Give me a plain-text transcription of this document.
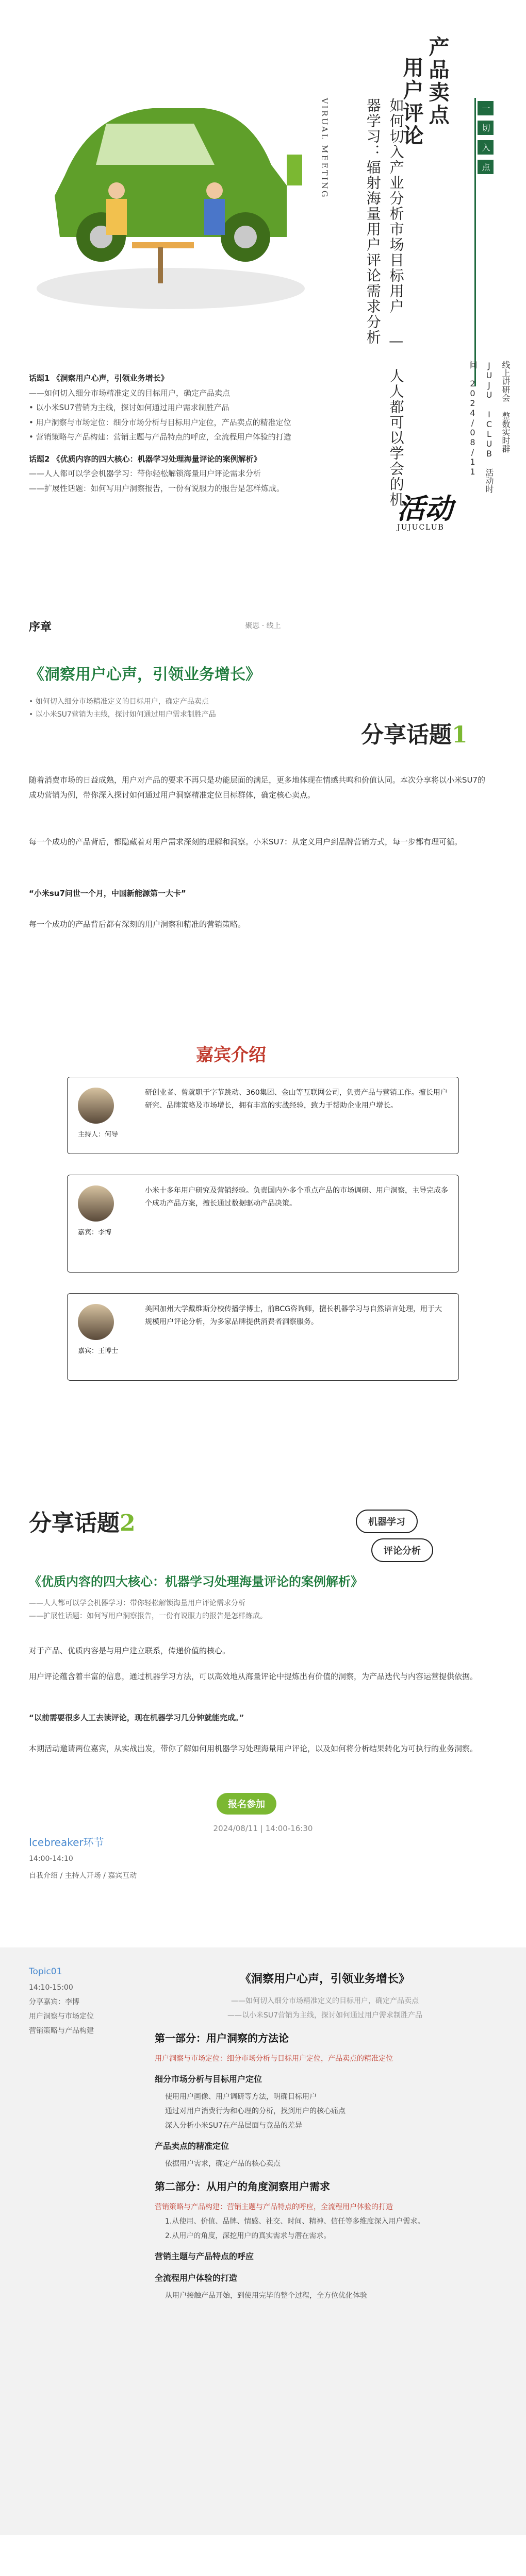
产品卖点
用户评论
如何切入产业分析市场目标用户 — 人人都可以学会的机器学习：辐射海量用户评论需求分析
VIRUAL MEETING	一
切
入
点
线上讲研会 整数实时群 JUJU ICLUB 活动时间 2024/08/11
话题1 《洞察用户心声，引领业务增长》
——如何切入细分市场精准定义的目标用户，确定产品卖点
• 以小米SU7营销为主线，探讨如何通过用户需求制胜产品
• 用户洞察与市场定位：细分市场分析与目标用户定位，产品卖点的精准定位
• 营销策略与产品构建：营销主题与产品特点的呼应，全流程用户体验的打造
话题2 《优质内容的四大核心：机器学习处理海量评论的案例解析》
——人人都可以学会机器学习：带你轻松解锁海量用户评论需求分析
——扩展性话题：如何写用户洞察报告，一份有说服力的报告是怎样炼成。
活动
JUJUCLUB
序章	聚思 · 线上
《洞察用户心声，引领业务增长》
分享话题1
• 如何切入细分市场精准定义的目标用户，确定产品卖点
• 以小米SU7营销为主线，探讨如何通过用户需求制胜产品
随着消费市场的日益成熟，用户对产品的要求不再只是功能层面的满足，更多地体现在情感共鸣和价值认同。本次分享将以小米SU7的成功营销为例，带你深入探讨如何通过用户洞察精准定位目标群体，确定核心卖点。
每一个成功的产品背后，都隐藏着对用户需求深刻的理解和洞察。小米SU7：从定义用户到品牌营销方式，每一步都有理可循。
“小米su7问世一个月，中国新能源第一大卡”
每一个成功的产品背后都有深刻的用户洞察和精准的营销策略。
嘉宾介绍
主持人：何导
研创业者、曾就职于字节跳动、360集团、金山等互联网公司，负责产品与营销工作。擅长用户研究、品牌策略及市场增长，拥有丰富的实战经验，致力于帮助企业用户增长。
嘉宾：李博
小米十多年用户研究及营销经验。负责国内外多个重点产品的市场调研、用户洞察，主导完成多个成功产品方案，擅长通过数据驱动产品决策。
嘉宾：王博士
美国加州大学戴维斯分校传播学博士，前BCG咨询师，擅长机器学习与自然语言处理，用于大规模用户评论分析，为多家品牌提供消费者洞察服务。
分享话题2	机器学习
评论分析
《优质内容的四大核心：机器学习处理海量评论的案例解析》
——人人都可以学会机器学习：带你轻松解锁海量用户评论需求分析
——扩展性话题：如何写用户洞察报告，一份有说服力的报告是怎样炼成。
对于产品、优质内容是与用户建立联系，传递价值的核心。
用户评论蕴含着丰富的信息，通过机器学习方法，可以高效地从海量评论中提炼出有价值的洞察，为产品迭代与内容运营提供依据。
“以前需要很多人工去读评论，现在机器学习几分钟就能完成。”
本期活动邀请两位嘉宾，从实战出发，带你了解如何用机器学习处理海量用户评论，以及如何将分析结果转化为可执行的业务洞察。
报名参加
2024/08/11 | 14:00-16:30
Icebreaker环节
14:00-14:10
自我介绍 / 主持人开场 / 嘉宾互动
Topic01
14:10-15:00
分享嘉宾：李博
用户洞察与市场定位
营销策略与产品构建
《洞察用户心声，引领业务增长》
——如何切入细分市场精准定义的目标用户，确定产品卖点
——以小米SU7营销为主线，探讨如何通过用户需求制胜产品
第一部分：用户洞察的方法论
用户洞察与市场定位：细分市场分析与目标用户定位，产品卖点的精准定位
细分市场分析与目标用户定位
使用用户画像、用户调研等方法，明确目标用户
通过对用户消费行为和心理的分析，找到用户的核心痛点
深入分析小米SU7在产品层面与竞品的差异
产品卖点的精准定位
依据用户需求，确定产品的核心卖点
第二部分：从用户的角度洞察用户需求
营销策略与产品构建：营销主题与产品特点的呼应，全流程用户体验的打造
1.从使用、价值、品牌、情感、社交、时间、精神、信任等多维度深入用户需求。
2.从用户的角度，深挖用户的真实需求与潜在需求。
营销主题与产品特点的呼应
全流程用户体验的打造
从用户接触产品开始，到使用完毕的整个过程，全方位优化体验
